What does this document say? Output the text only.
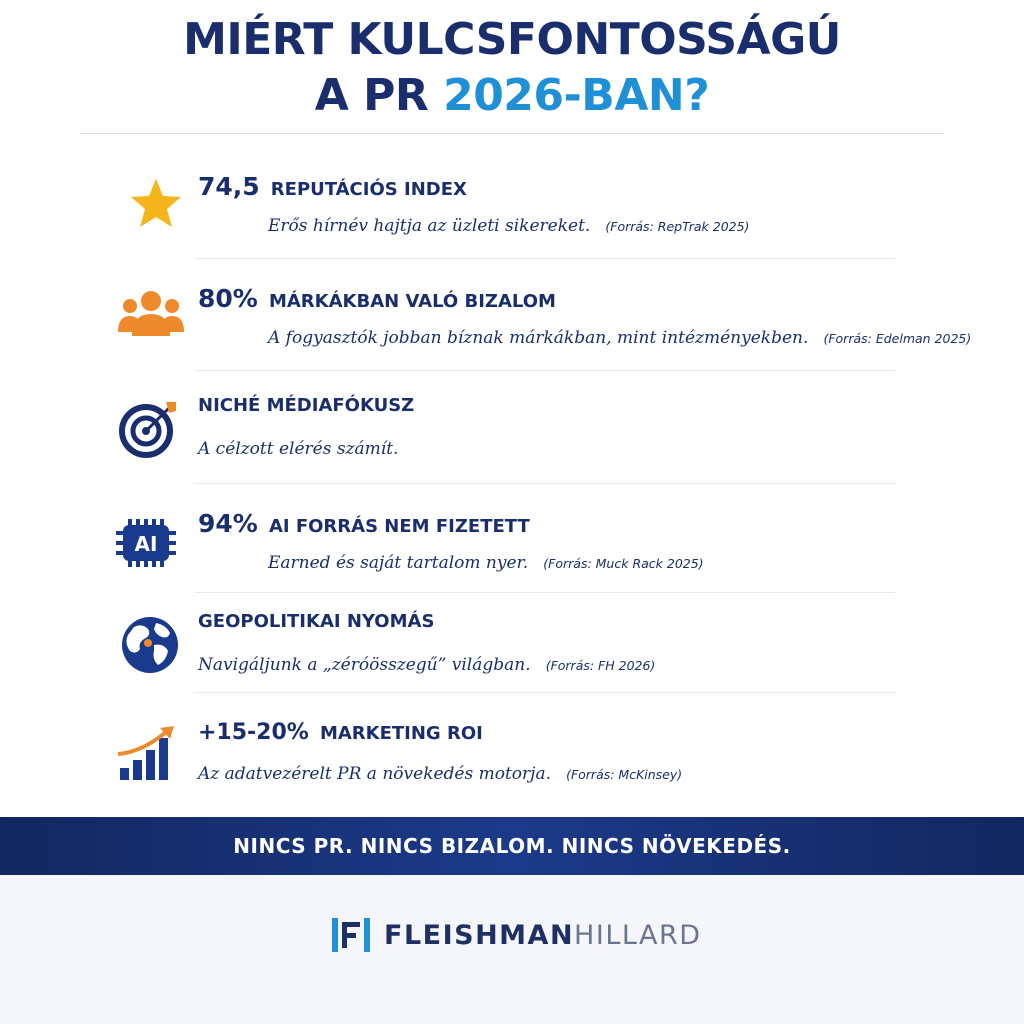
MIÉRT KULCSFONTOSSÁGÚ
A PR 2026-BAN?
74,5 REPUTÁCIÓS INDEX
Erős hírnév hajtja az üzleti sikereket. (Forrás: RepTrak 2025)
80% MÁRKÁKBAN VALÓ BIZALOM
A fogyasztók jobban bíznak márkákban, mint intézményekben. (Forrás: Edelman 2025)
NICHÉ MÉDIAFÓKUSZ
A célzott elérés számít.
AI
94% AI FORRÁS NEM FIZETETT
Earned és saját tartalom nyer. (Forrás: Muck Rack 2025)
GEOPOLITIKAI NYOMÁS
Navigáljunk a „zéróösszegű” világban. (Forrás: FH 2026)
+15-20% MARKETING ROI
Az adatvezérelt PR a növekedés motorja. (Forrás: McKinsey)
NINCS PR. NINCS BIZALOM. NINCS NÖVEKEDÉS.
FLEISHMANHILLARD
